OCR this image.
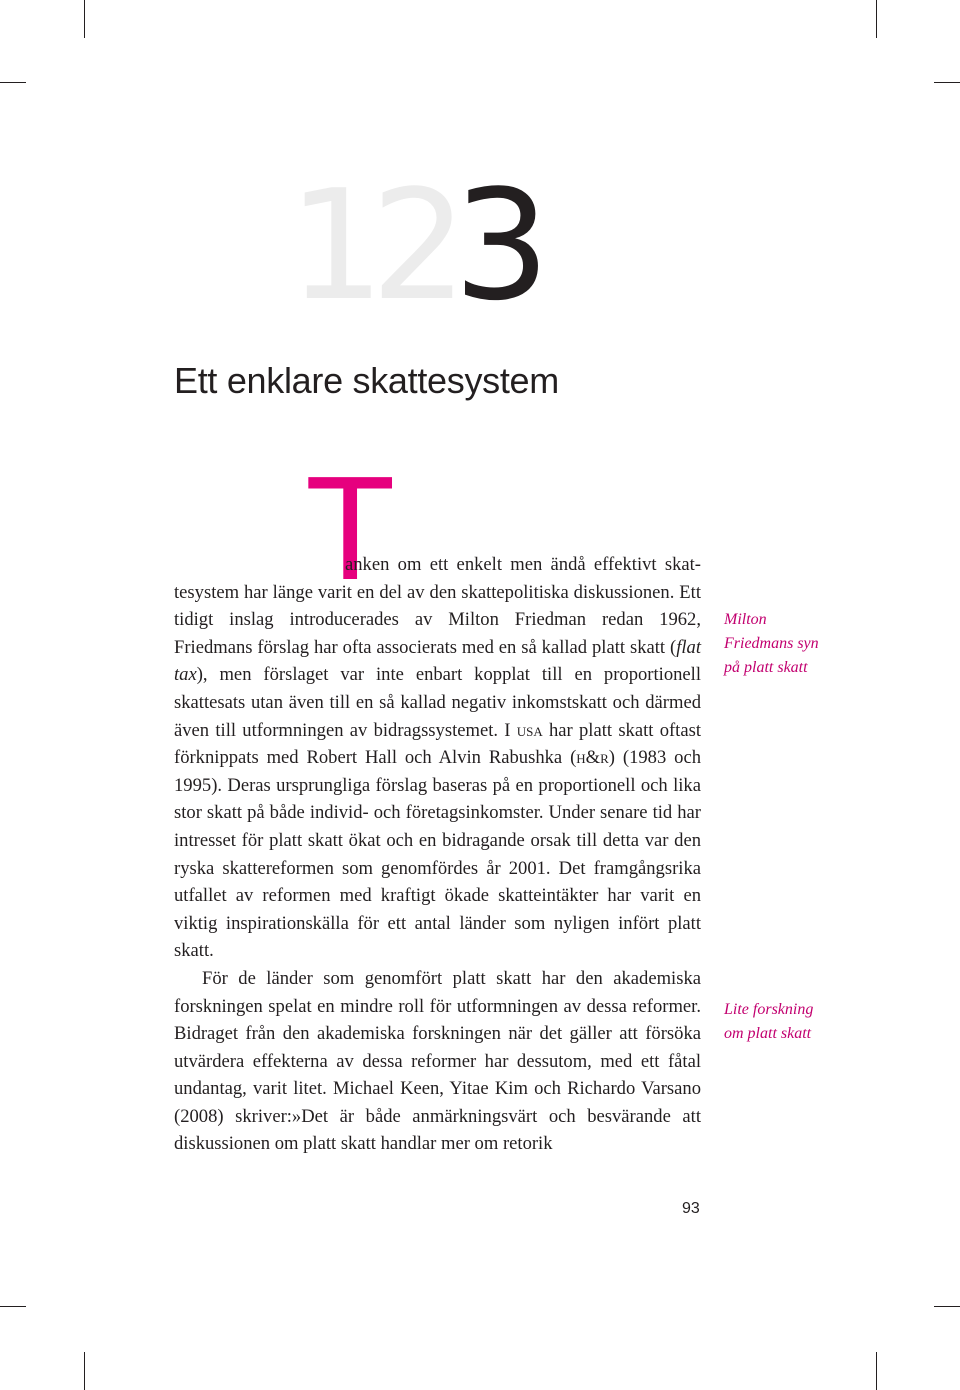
123
Ett enklare skattesystem
T

anken om ett enkelt men ändå effektivt skat- tesystem har länge varit en del av den skattepolitiska diskussionen. Ett tidigt inslag introducerades av Milton Friedman redan 1962, Friedmans förslag har ofta associerats med en så kallad platt skatt (flat tax), men förslaget var inte enbart kopplat till en proportionell skattesats utan även till en så kallad negativ inkomstskatt och därmed även till utformningen av bidragssystemet. I usa har platt skatt oftast förknippats med Robert Hall och Alvin Rabushka (h&r) (1983 och 1995). Deras ursprungliga förslag baseras på en proportionell och lika stor skatt på både individ- och företagsinkomster. Under senare tid har intresset för platt skatt ökat och en bidragande orsak till detta var den ryska skattereformen som genomfördes år 2001. Det framgångsrika utfallet av reformen med kraftigt ökade skatteintäkter har varit en viktig inspirationskälla för ett antal länder som nyligen infört platt skatt.

För de länder som genomfört platt skatt har den akademiska forskningen spelat en mindre roll för utformningen av dessa reformer. Bidraget från den akademiska forskningen när det gäller att försöka utvärdera effekterna av dessa reformer har dessutom, med ett fåtal undantag, varit litet. Michael Keen, Yitae Kim och Richardo Varsano (2008) skriver:»Det är både anmärkningsvärt och besvärande att diskussionen om platt skatt handlar mer om retorik

Milton Friedmans syn på platt skatt
Lite forskning om platt skatt
93
